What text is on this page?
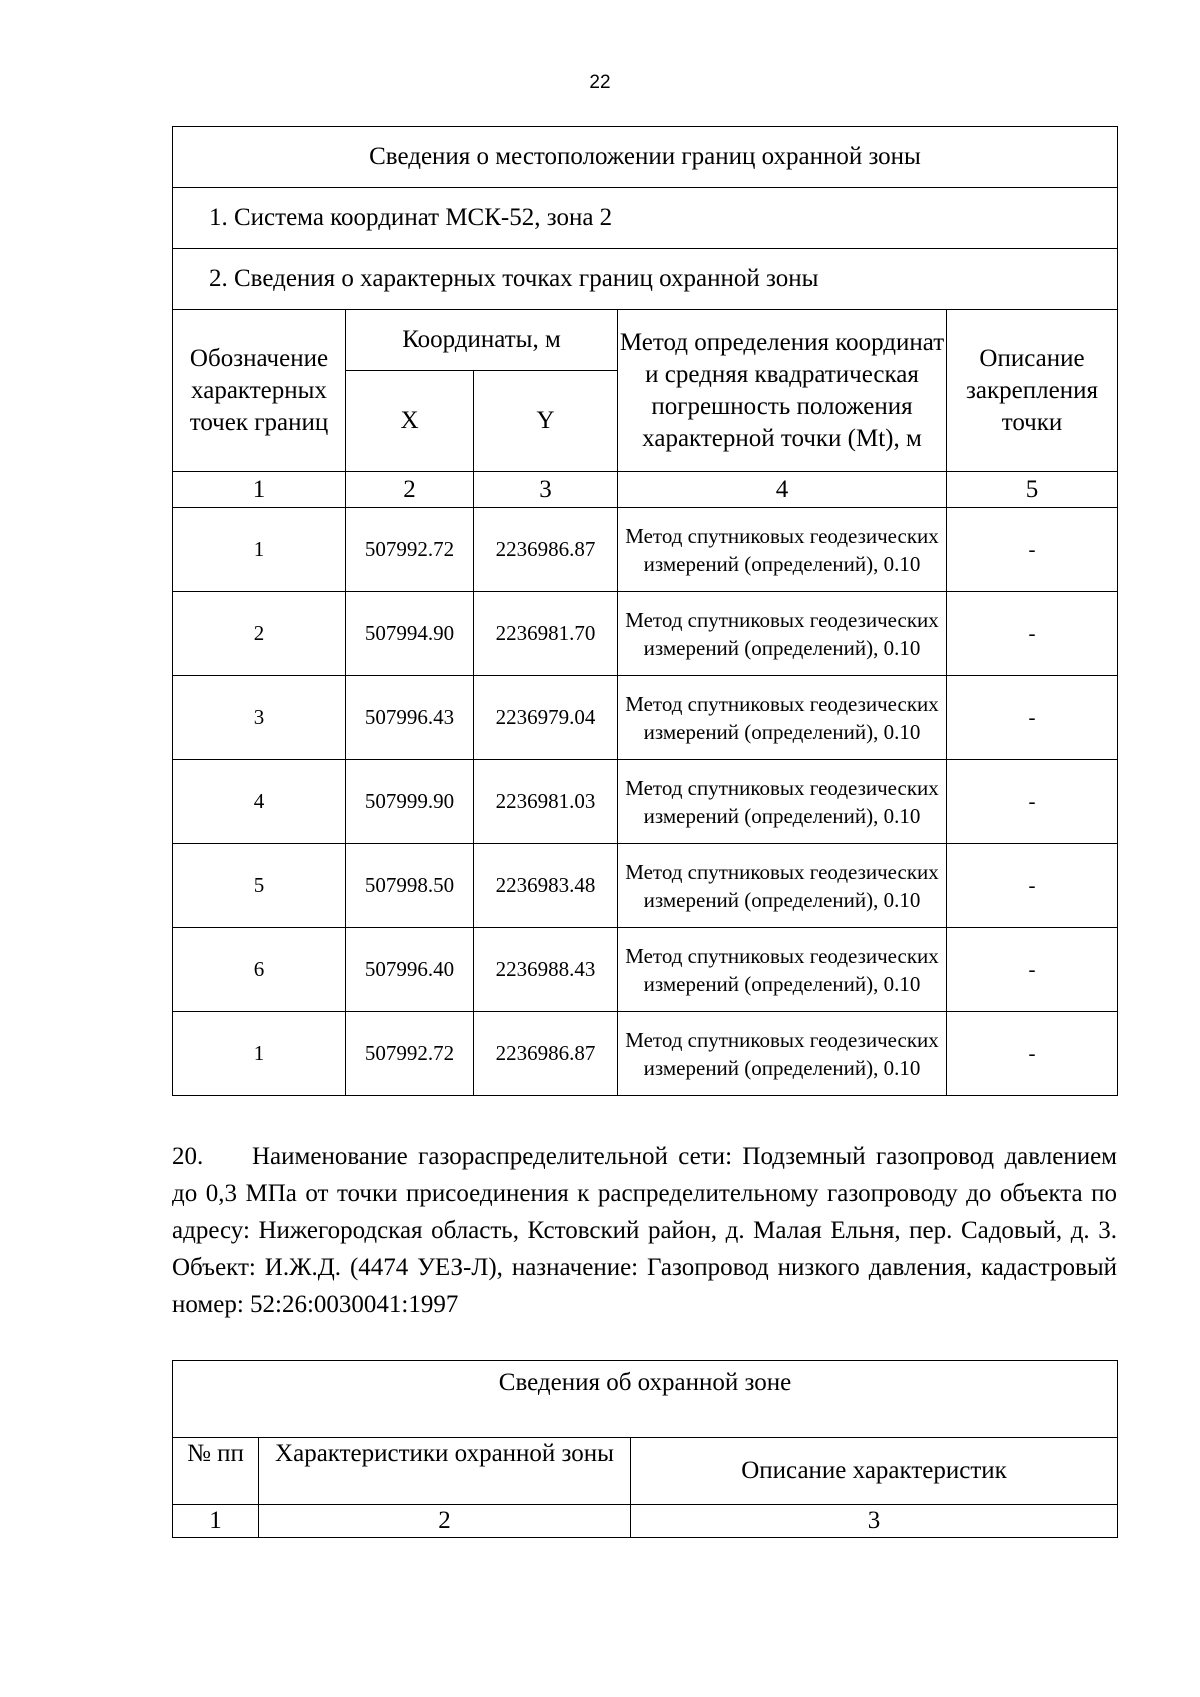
22
Сведения о местоположении границ охранной зоны				
1. Система координат МСК-52, зона 2				
2. Сведения о характерных точках границ охранной зоны				
Обозначение характерных точек границ	Координаты, м		Метод определения координат и средняя квадратическая погрешность положения характерной точки (Mt), м	Описание закрепления точки
	X	Y		
1	2	3	4	5
1	507992.72	2236986.87	Метод спутниковых геодезических измерений (определений), 0.10	-
2	507994.90	2236981.70	Метод спутниковых геодезических измерений (определений), 0.10	-
3	507996.43	2236979.04	Метод спутниковых геодезических измерений (определений), 0.10	-
4	507999.90	2236981.03	Метод спутниковых геодезических измерений (определений), 0.10	-
5	507998.50	2236983.48	Метод спутниковых геодезических измерений (определений), 0.10	-
6	507996.40	2236988.43	Метод спутниковых геодезических измерений (определений), 0.10	-
1	507992.72	2236986.87	Метод спутниковых геодезических измерений (определений), 0.10	-

20. Наименование газораспределительной сети: Подземный газопровод давлением до 0,3 МПа от точки присоединения к распределительному газопроводу до объекта по адресу: Нижегородская область, Кстовский район, д. Малая Ельня, пер. Садовый, д. 3. Объект: И.Ж.Д. (4474 УЕЗ-Л), назначение: Газопровод низкого давления, кадастровый номер: 52:26:0030041:1997

Сведения об охранной зоне		
№ пп	Характеристики охранной зоны	Описание характеристик
1	2	3
